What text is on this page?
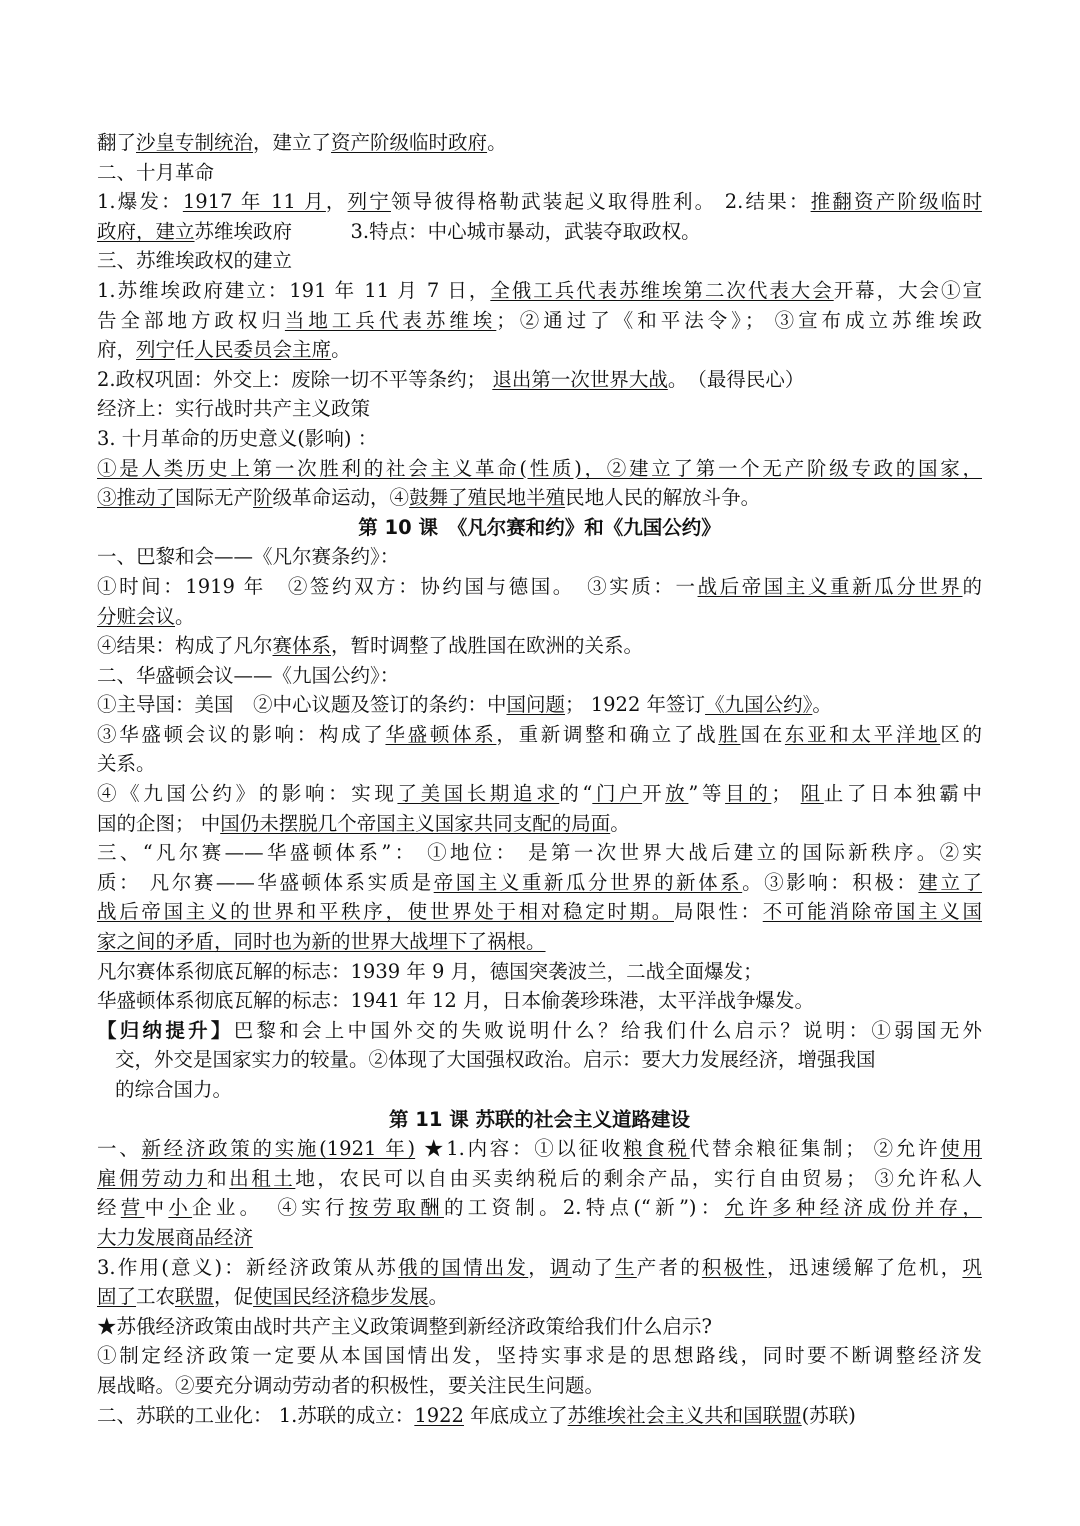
翻了沙皇专制统治，建立了资产阶级临时政府。
二、十月革命
1.爆发：1917 年 11 月，列宁领导彼得格勒武装起义取得胜利。 2.结果：推翻资产阶级临时
政府，建立苏维埃政府　　　3.特点：中心城市暴动，武装夺取政权。
三、苏维埃政权的建立
1.苏维埃政府建立：191 年 11 月 7 日，全俄工兵代表苏维埃第二次代表大会开幕，大会①宣
告全部地方政权归当地工兵代表苏维埃；②通过了《和平法令》； ③宣布成立苏维埃政
府，列宁任人民委员会主席。
2.政权巩固：外交上：废除一切不平等条约； 退出第一次世界大战。　（最得民心）
经济上：实行战时共产主义政策
3. 十月革命的历史意义(影响) ：
①是人类历史上第一次胜利的社会主义革命(性质)，②建立了第一个无产阶级专政的国家，
③推动了国际无产阶级革命运动，④鼓舞了殖民地半殖民地人民的解放斗争。
第 10 课　《凡尔赛和约》和《九国公约》
一、巴黎和会——《凡尔赛条约》：
①时间：1919 年　②签约双方：协约国与德国。　③实质：一战后帝国主义重新瓜分世界的
分赃会议。
④结果：构成了凡尔赛体系，暂时调整了战胜国在欧洲的关系。
二、华盛顿会议——《九国公约》：
①主导国：美国　②中心议题及签订的条约：中国问题； 1922 年签订《九国公约》。
③华盛顿会议的影响：构成了华盛顿体系，重新调整和确立了战胜国在东亚和太平洋地区的
关系。
④《九国公约》的影响：实现了美国长期追求的“门户开放”等目的； 阻止了日本独霸中
国的企图； 中国仍未摆脱几个帝国主义国家共同支配的局面。
三、“凡尔赛——华盛顿体系”： ①地位： 是第一次世界大战后建立的国际新秩序。②实
质： 凡尔赛——华盛顿体系实质是帝国主义重新瓜分世界的新体系。③影响：积极：建立了
战后帝国主义的世界和平秩序，使世界处于相对稳定时期。局限性：不可能消除帝国主义国
家之间的矛盾，同时也为新的世界大战埋下了祸根。
凡尔赛体系彻底瓦解的标志：1939 年 9 月，德国突袭波兰，二战全面爆发；
华盛顿体系彻底瓦解的标志：1941 年 12 月，日本偷袭珍珠港，太平洋战争爆发。
【归纳提升】巴黎和会上中国外交的失败说明什么？给我们什么启示？说明：①弱国无外
交，外交是国家实力的较量。②体现了大国强权政治。启示：要大力发展经济，增强我国
的综合国力。
第 11 课 苏联的社会主义道路建设
一、新经济政策的实施(1921 年) ★1.内容：①以征收粮食税代替余粮征集制； ②允许使用
雇佣劳动力和出租土地，农民可以自由买卖纳税后的剩余产品，实行自由贸易； ③允许私人
经营中小企业。　④实行按劳取酬的工资制。2.特点(“新”)：允许多种经济成份并存，
大力发展商品经济
3.作用(意义)：新经济政策从苏俄的国情出发，调动了生产者的积极性，迅速缓解了危机，巩
固了工农联盟，促使国民经济稳步发展。
★苏俄经济政策由战时共产主义政策调整到新经济政策给我们什么启示?
①制定经济政策一定要从本国国情出发，坚持实事求是的思想路线，同时要不断调整经济发
展战略。②要充分调动劳动者的积极性，要关注民生问题。
二、苏联的工业化： 1.苏联的成立：1922 年底成立了苏维埃社会主义共和国联盟(苏联)
